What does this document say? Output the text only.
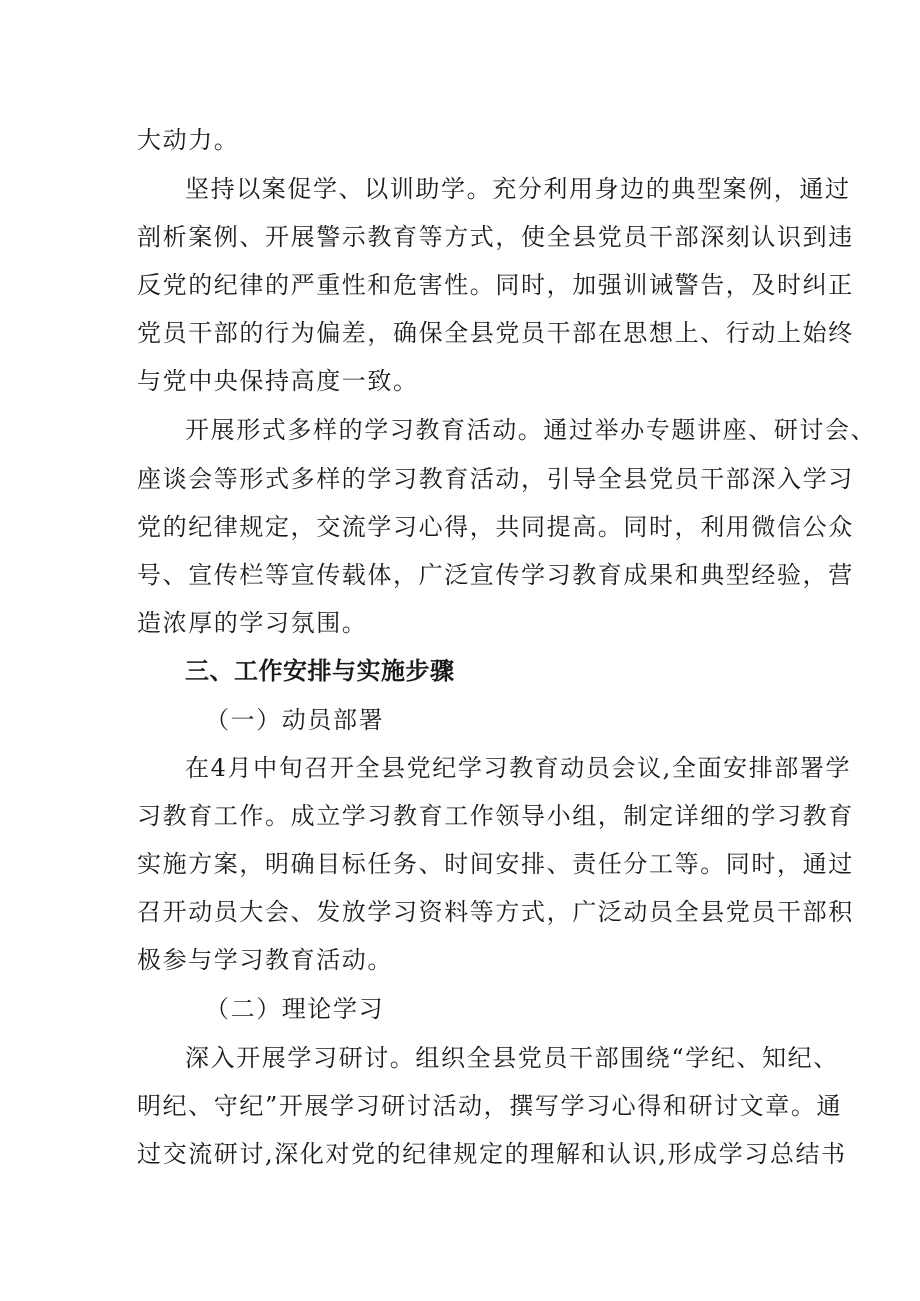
大动力。

坚持以案促学、以训助学。充分利用身边的典型案例，通过

剖析案例、开展警示教育等方式，使全县党员干部深刻认识到违

反党的纪律的严重性和危害性。同时，加强训诫警告，及时纠正

党员干部的行为偏差，确保全县党员干部在思想上、行动上始终

与党中央保持高度一致。

开展形式多样的学习教育活动。通过举办专题讲座、研讨会、

座谈会等形式多样的学习教育活动，引导全县党员干部深入学习

党的纪律规定，交流学习心得，共同提高。同时，利用微信公众

号、宣传栏等宣传载体，广泛宣传学习教育成果和典型经验，营

造浓厚的学习氛围。

三、工作安排与实施步骤
（一）动员部署

在4月中旬召开全县党纪学习教育动员会议,全面安排部署学

习教育工作。成立学习教育工作领导小组，制定详细的学习教育

实施方案，明确目标任务、时间安排、责任分工等。同时，通过

召开动员大会、发放学习资料等方式，广泛动员全县党员干部积

极参与学习教育活动。

（二）理论学习

深入开展学习研讨。组织全县党员干部围绕“学纪、知纪、

明纪、守纪”开展学习研讨活动，撰写学习心得和研讨文章。通

过交流研讨,深化对党的纪律规定的理解和认识,形成学习总结书
